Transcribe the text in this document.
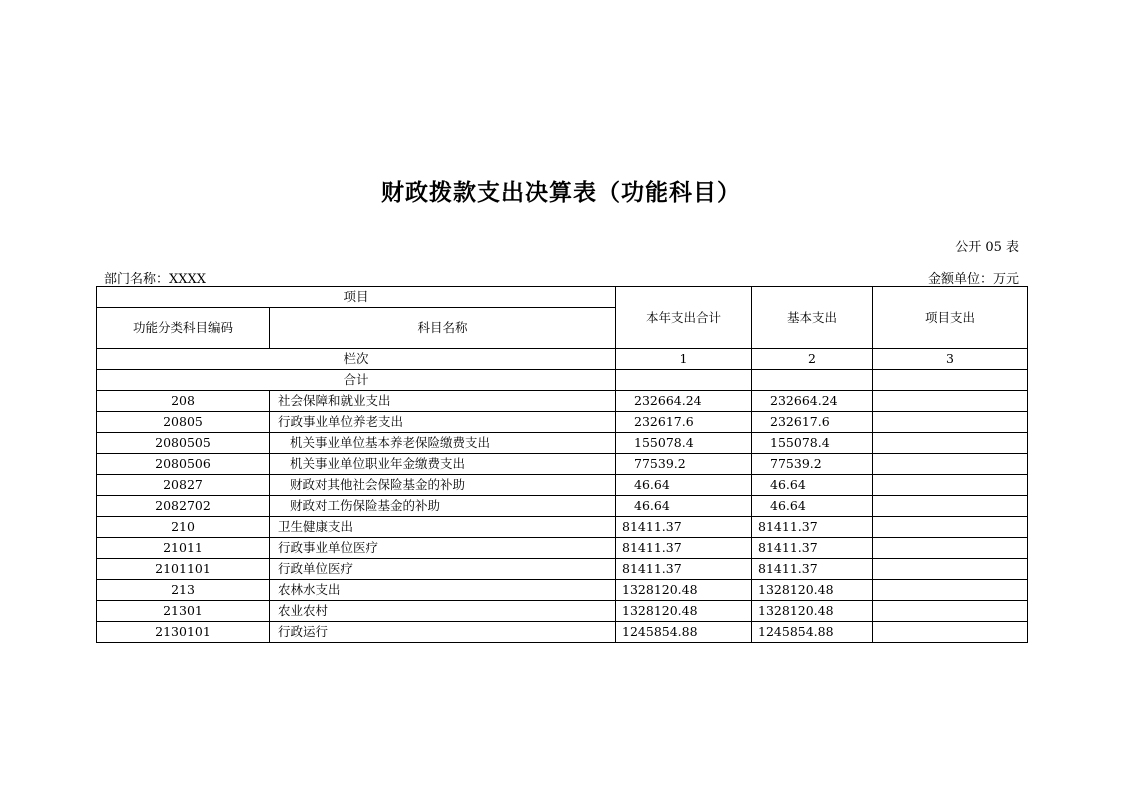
财政拨款支出决算表（功能科目）
公开 05 表
部门名称：XXXX	金额单位：万元
项目		本年支出合计	基本支出	项目支出
功能分类科目编码	科目名称			
栏次		1	2	3
合计				
208	社会保障和就业支出	232664.24	232664.24	
20805	行政事业单位养老支出	232617.6	232617.6	
2080505	机关事业单位基本养老保险缴费支出	155078.4	155078.4	
2080506	机关事业单位职业年金缴费支出	77539.2	77539.2	
20827	财政对其他社会保险基金的补助	46.64	46.64	
2082702	财政对工伤保险基金的补助	46.64	46.64	
210	卫生健康支出	81411.37	81411.37	
21011	行政事业单位医疗	81411.37	81411.37	
2101101	行政单位医疗	81411.37	81411.37	
213	农林水支出	1328120.48	1328120.48	
21301	农业农村	1328120.48	1328120.48	
2130101	行政运行	1245854.88	1245854.88	
